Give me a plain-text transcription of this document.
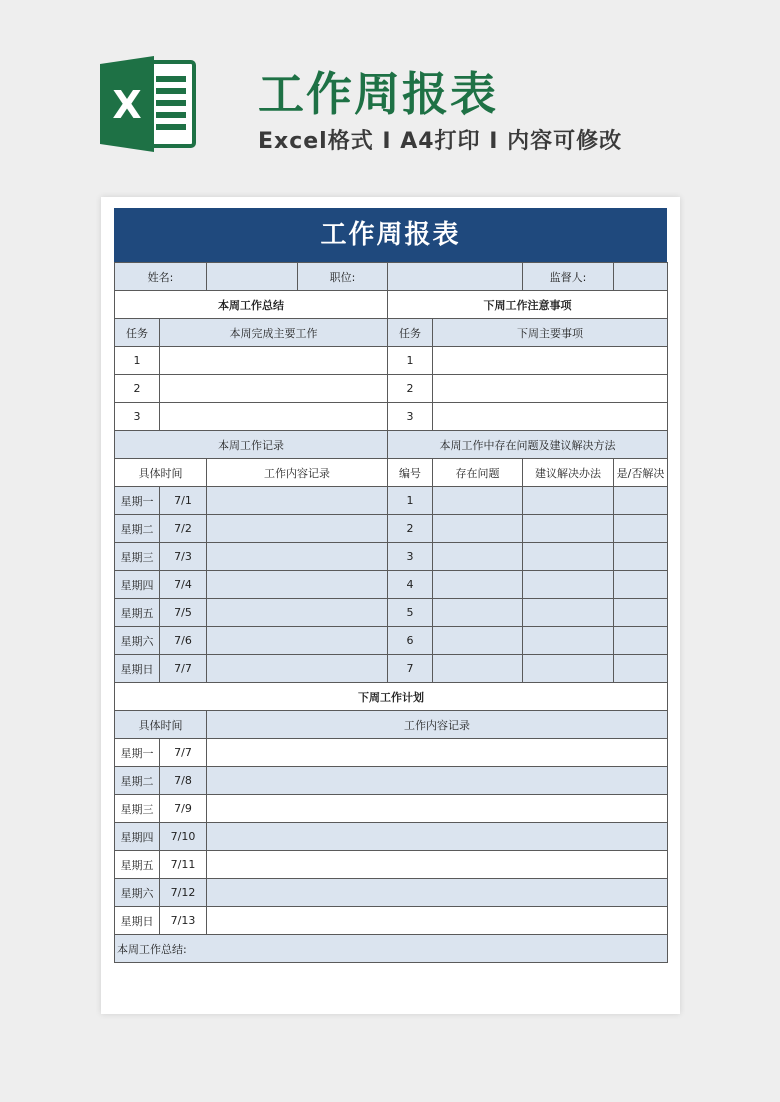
X	工作周报表
Excel格式 I A4打印 I 内容可修改
工作周报表
姓名:			职位:			监督人:	
本周工作总结				下周工作注意事项			
任务	本周完成主要工作			任务	下周主要事项		
1				1			
2				2			
3				3			
本周工作记录				本周工作中存在问题及建议解决方法			
具体时间		工作内容记录		编号	存在问题	建议解决办法	是/否解决
星期一	7/1			1			
星期二	7/2			2			
星期三	7/3			3			
星期四	7/4			4			
星期五	7/5			5			
星期六	7/6			6			
星期日	7/7			7			
下周工作计划							
具体时间		工作内容记录					
星期一	7/7						
星期二	7/8						
星期三	7/9						
星期四	7/10						
星期五	7/11						
星期六	7/12						
星期日	7/13						
本周工作总结:							
